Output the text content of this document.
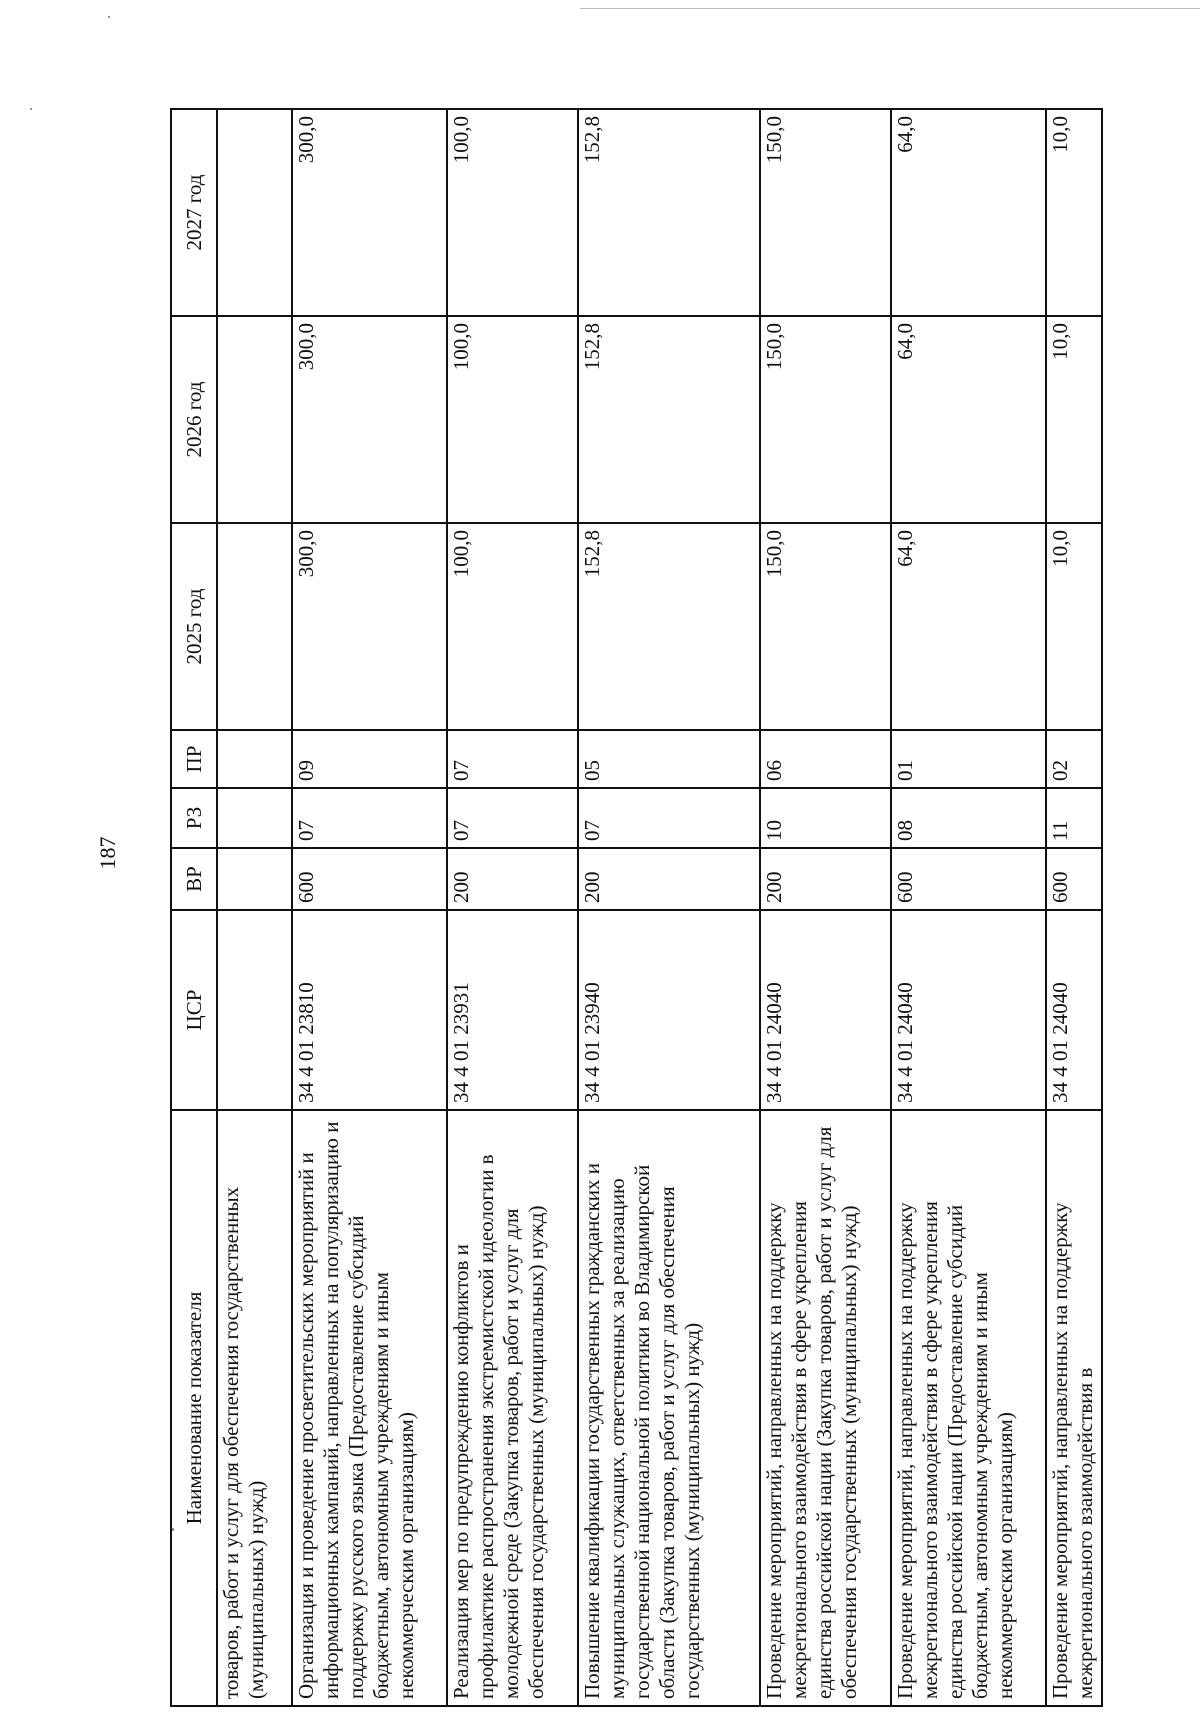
187
Наименование показателя	ЦСР	ВР	РЗ	ПР	2025 год	2026 год	2027 год
товаров, работ и услуг для обеспечения государственных (муниципальных) нужд)							
Организация и проведение просветительских мероприятий и информационных кампаний, направленных на популяризацию и поддержку русского языка (Предоставление субсидий бюджетным, автономным учреждениям и иным некоммерческим организациям)	34 4 01 23810	600	07	09	300,0	300,0	300,0
Реализация мер по предупреждению конфликтов и профилактике распространения экстремистской идеологии в молодежной среде (Закупка товаров, работ и услуг для обеспечения государственных (муниципальных) нужд)	34 4 01 23931	200	07	07	100,0	100,0	100,0
Повышение квалификации государственных гражданских и муниципальных служащих, ответственных за реализацию государственной национальной политики во Владимирской области (Закупка товаров, работ и услуг для обеспечения государственных (муниципальных) нужд)	34 4 01 23940	200	07	05	152,8	152,8	152,8
Проведение мероприятий, направленных на поддержку межрегионального взаимодействия в сфере укрепления единства российской нации (Закупка товаров, работ и услуг для обеспечения государственных (муниципальных) нужд)	34 4 01 24040	200	10	06	150,0	150,0	150,0
Проведение мероприятий, направленных на поддержку межрегионального взаимодействия в сфере укрепления единства российской нации (Предоставление субсидий бюджетным, автономным учреждениям и иным некоммерческим организациям)	34 4 01 24040	600	08	01	64,0	64,0	64,0
Проведение мероприятий, направленных на поддержку межрегионального взаимодействия в	34 4 01 24040	600	11	02	10,0	10,0	10,0
